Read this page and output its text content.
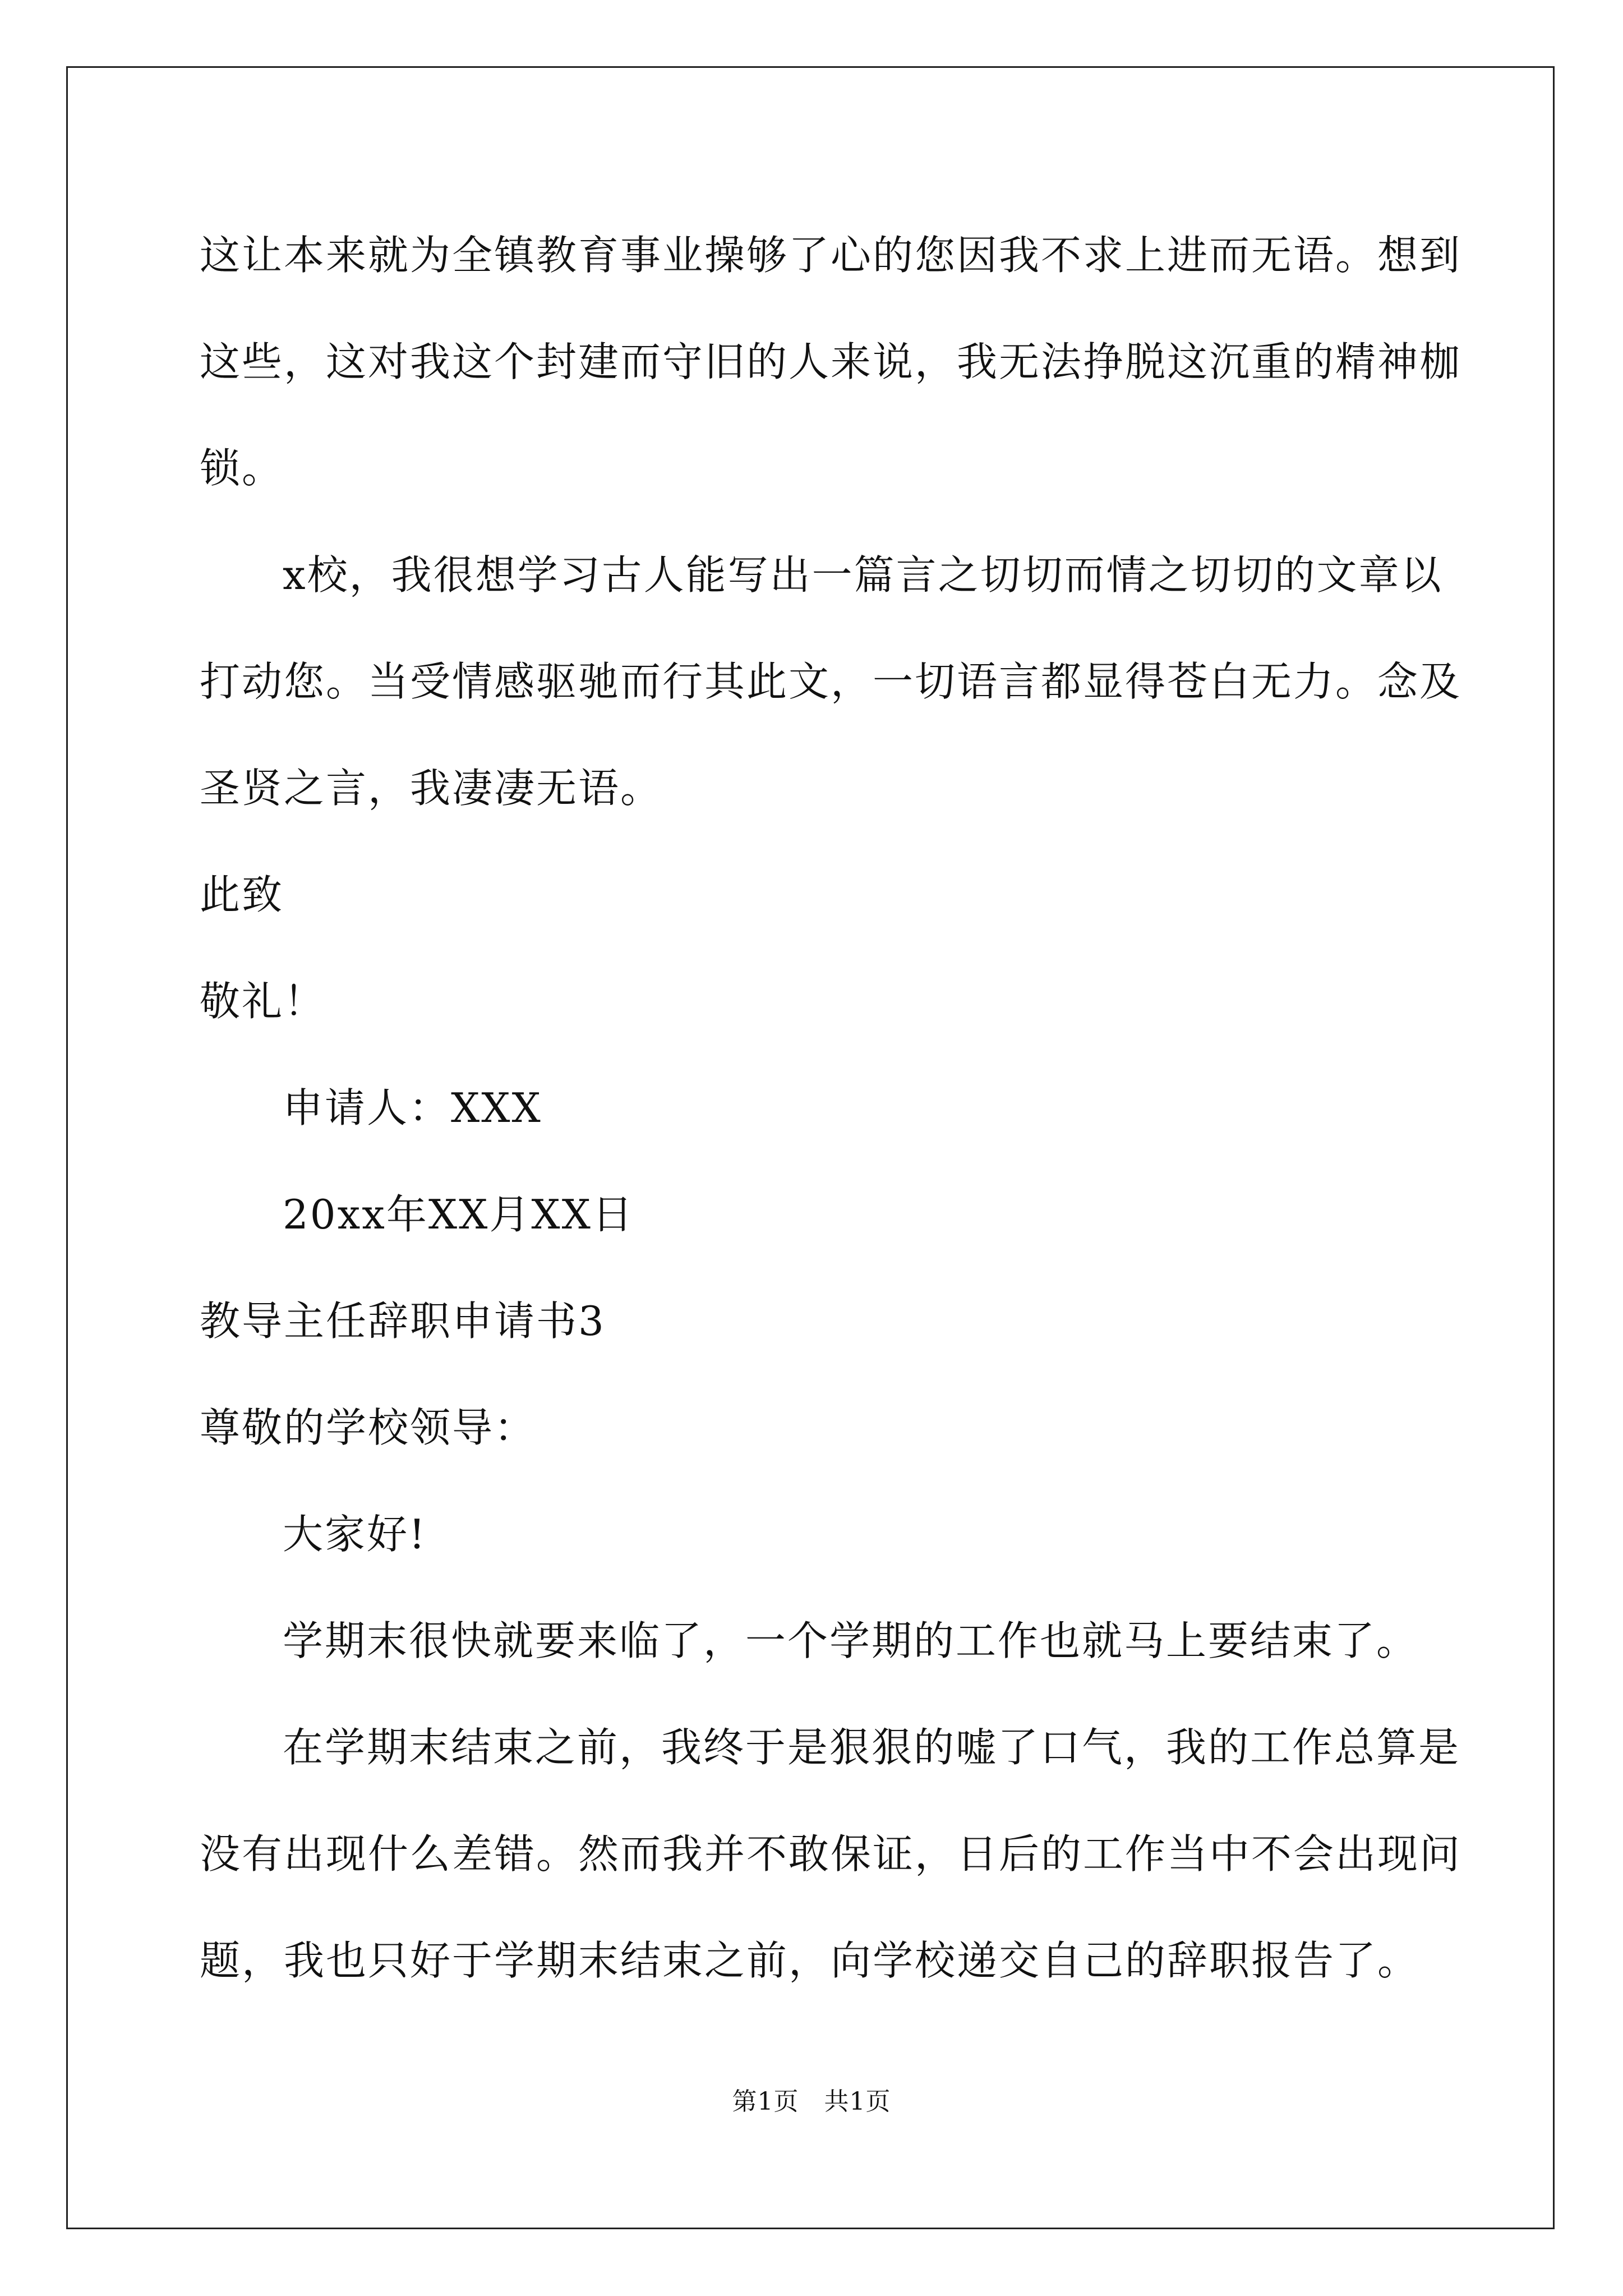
这让本来就为全镇教育事业操够了心的您因我不求上进而无语。想到
这些，这对我这个封建而守旧的人来说，我无法挣脱这沉重的精神枷
锁。
x校，我很想学习古人能写出一篇言之切切而情之切切的文章以
打动您。当受情感驱驰而行其此文，一切语言都显得苍白无力。念及
圣贤之言，我凄凄无语。
此致
敬礼！
申请人：XXX
20xx年XX月XX日
教导主任辞职申请书3
尊敬的学校领导：
大家好!
学期末很快就要来临了，一个学期的工作也就马上要结束了。
在学期末结束之前，我终于是狠狠的嘘了口气，我的工作总算是
没有出现什么差错。然而我并不敢保证，日后的工作当中不会出现问
题，我也只好于学期末结束之前，向学校递交自己的辞职报告了。
第1页   共1页
